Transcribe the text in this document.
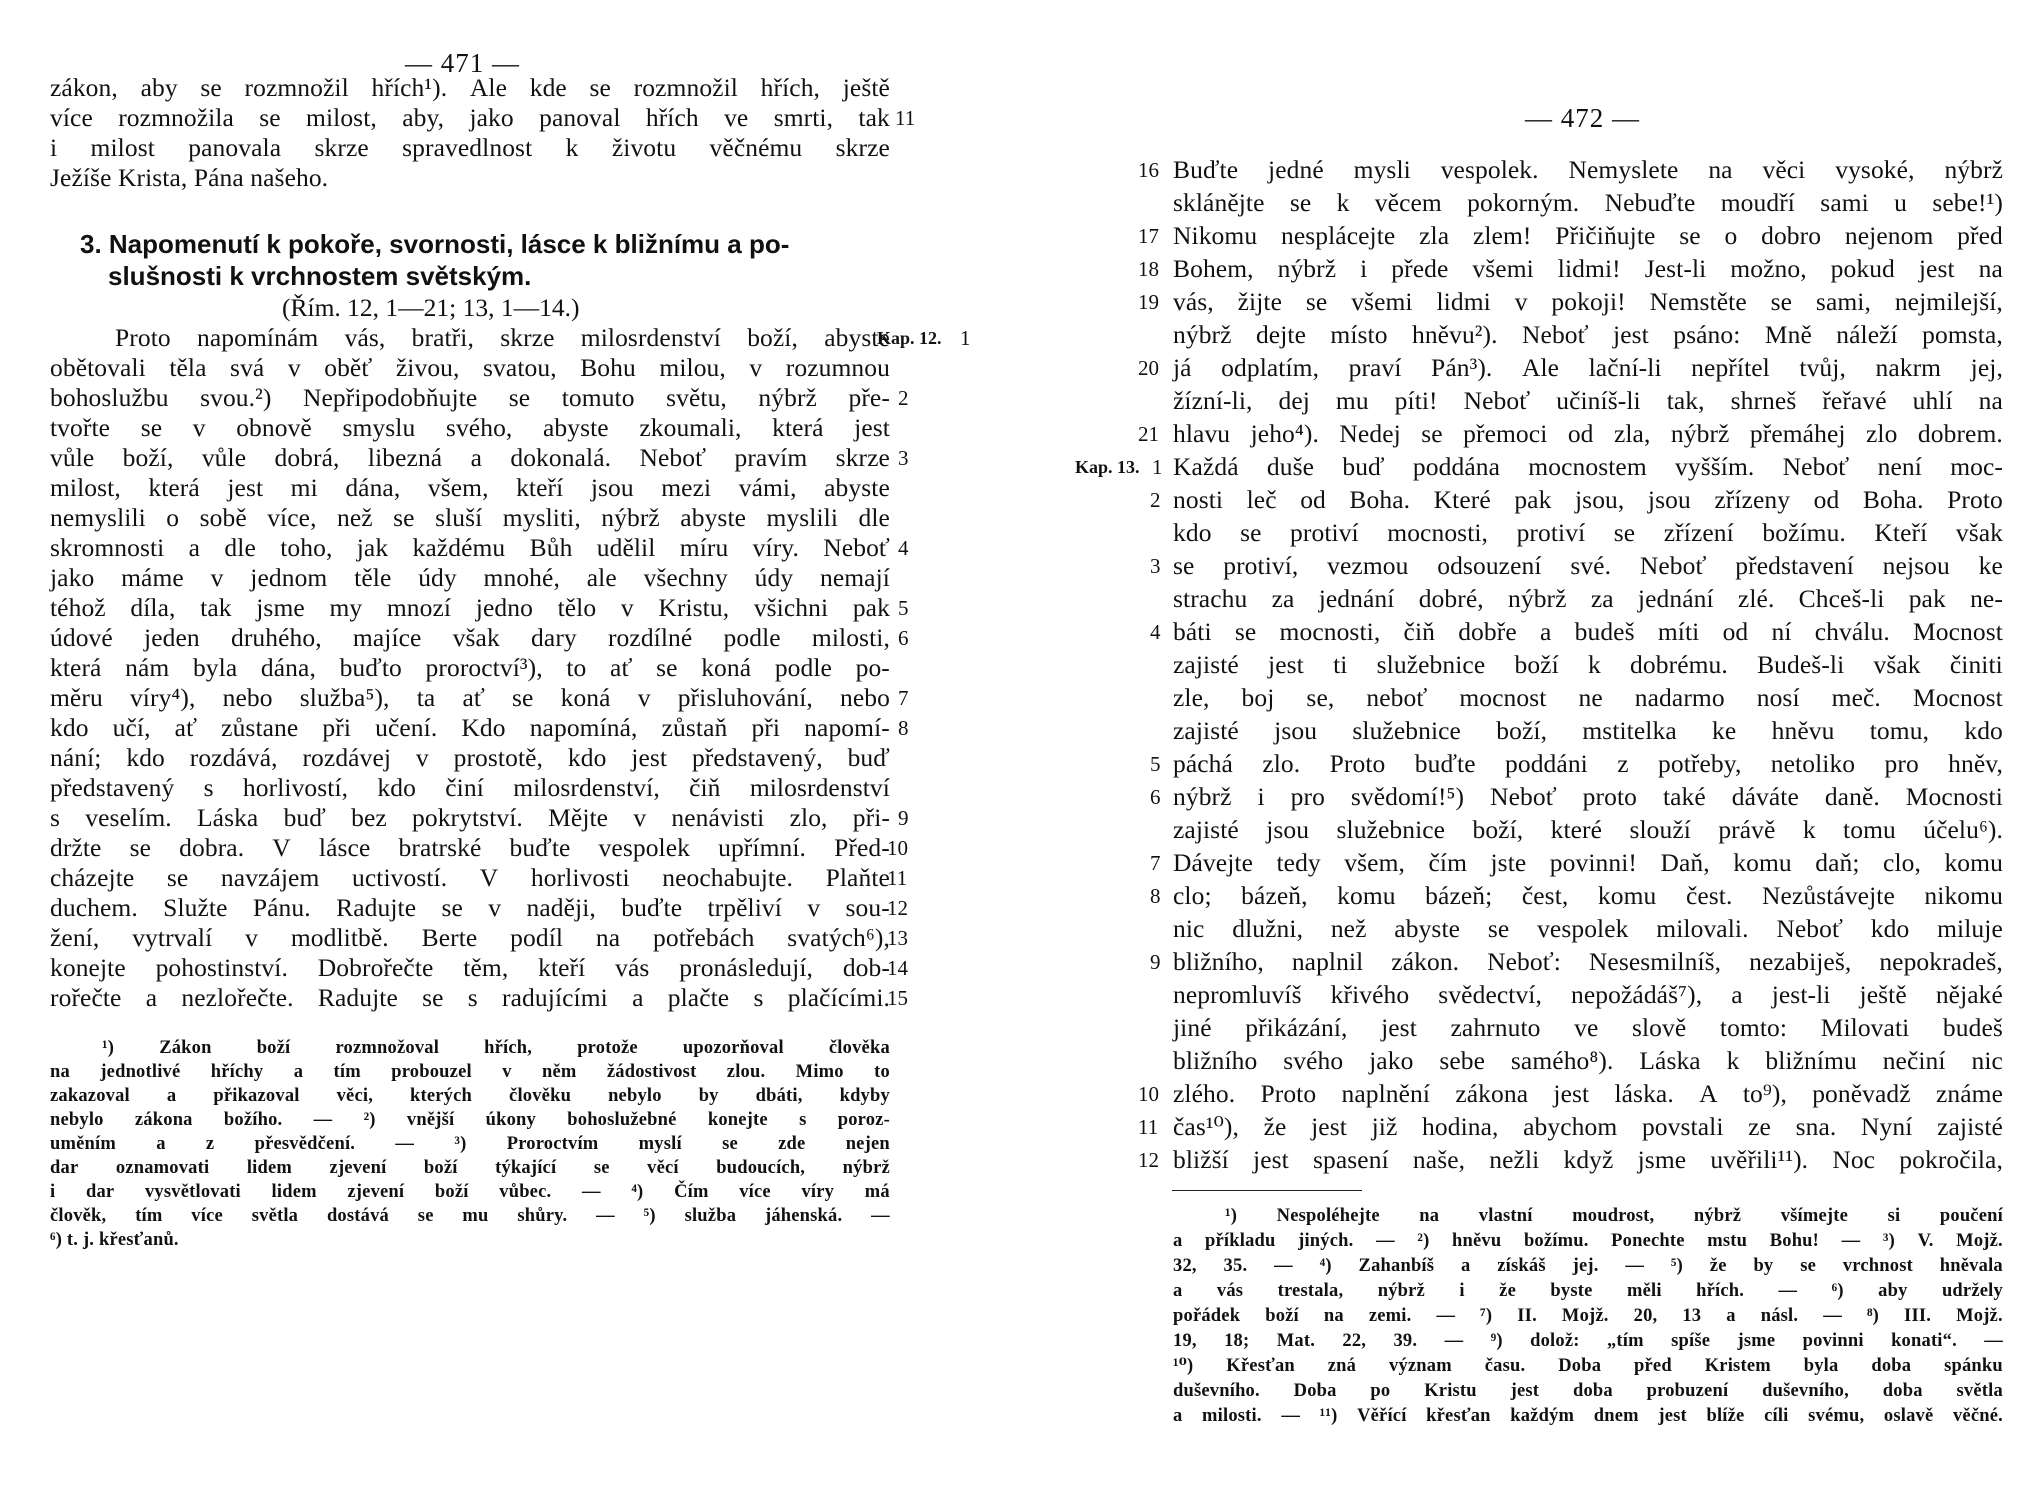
— 471 —
zákon, aby se rozmnožil hřích¹). Ale kde se rozmnožil hřích, ještě
více rozmnožila se milost, aby, jako panoval hřích ve smrti, tak
i milost panovala skrze spravedlnost k životu věčnému skrze
Ježíše Krista, Pána našeho.
11
3. Napomenutí k pokoře, svornosti, lásce k bližnímu a po-
slušnosti k vrchnostem světským.
(Řím. 12, 1—21; 13, 1—14.)
Proto napomínám vás, bratři, skrze milosrdenství boží, abyste
obětovali těla svá v oběť živou, svatou, Bohu milou, v rozumnou
bohoslužbu svou.²) Nepřipodobňujte se tomuto světu, nýbrž pře-
tvořte se v obnově smyslu svého, abyste zkoumali, která jest
vůle boží, vůle dobrá, libezná a dokonalá. Neboť pravím skrze
milost, která jest mi dána, všem, kteří jsou mezi vámi, abyste
nemyslili o sobě více, než se sluší mysliti, nýbrž abyste myslili dle
skromnosti a dle toho, jak každému Bůh udělil míru víry. Neboť
jako máme v jednom těle údy mnohé, ale všechny údy nemají
téhož díla, tak jsme my mnozí jedno tělo v Kristu, všichni pak
údové jeden druhého, majíce však dary rozdílné podle milosti,
která nám byla dána, buďto proroctví³), to ať se koná podle po-
měru víry⁴), nebo služba⁵), ta ať se koná v přisluhování, nebo
kdo učí, ať zůstane při učení. Kdo napomíná, zůstaň při napomí-
nání; kdo rozdává, rozdávej v prostotě, kdo jest představený, buď
představený s horlivostí, kdo činí milosrdenství, čiň milosrdenství
s veselím. Láska buď bez pokrytství. Mějte v nenávisti zlo, při-
držte se dobra. V lásce bratrské buďte vespolek upřímní. Před-
cházejte se navzájem uctivostí. V horlivosti neochabujte. Plaňte
duchem. Služte Pánu. Radujte se v naději, buďte trpěliví v sou-
žení, vytrvalí v modlitbě. Berte podíl na potřebách svatých⁶),
konejte pohostinství. Dobrořečte těm, kteří vás pronásledují, dob-
rořečte a nezlořečte. Radujte se s radujícími a plačte s plačícími.
Kap. 12. 1
2
3
4
5
6
7
8
9
10
11
12
13
14
15
¹) Zákon boží rozmnožoval hřích, protože upozorňoval člověka
na jednotlivé hříchy a tím probouzel v něm žádostivost zlou. Mimo to
zakazoval a přikazoval věci, kterých člověku nebylo by dbáti, kdyby
nebylo zákona božího. — ²) vnější úkony bohoslužebné konejte s poroz-
uměním a z přesvědčení. — ³) Proroctvím myslí se zde nejen
dar oznamovati lidem zjevení boží týkající se věcí budoucích, nýbrž
i dar vysvětlovati lidem zjevení boží vůbec. — ⁴) Čím více víry má
člověk, tím více světla dostává se mu shůry. — ⁵) služba jáhenská. —
⁶) t. j. křesťanů.
— 472 —
Buďte jedné mysli vespolek. Nemyslete na věci vysoké, nýbrž
sklánějte se k věcem pokorným. Nebuďte moudří sami u sebe!¹)
Nikomu nesplácejte zla zlem! Přičiňujte se o dobro nejenom před
Bohem, nýbrž i přede všemi lidmi! Jest-li možno, pokud jest na
vás, žijte se všemi lidmi v pokoji! Nemstěte se sami, nejmilejší,
nýbrž dejte místo hněvu²). Neboť jest psáno: Mně náleží pomsta,
já odplatím, praví Pán³). Ale lační-li nepřítel tvůj, nakrm jej,
žízní-li, dej mu píti! Neboť učiníš-li tak, shrneš řeřavé uhlí na
hlavu jeho⁴). Nedej se přemoci od zla, nýbrž přemáhej zlo dobrem.
Každá duše buď poddána mocnostem vyšším. Neboť není moc-
nosti leč od Boha. Které pak jsou, jsou zřízeny od Boha. Proto
kdo se protiví mocnosti, protiví se zřízení božímu. Kteří však
se protiví, vezmou odsouzení své. Neboť představení nejsou ke
strachu za jednání dobré, nýbrž za jednání zlé. Chceš-li pak ne-
báti se mocnosti, čiň dobře a budeš míti od ní chválu. Mocnost
zajisté jest ti služebnice boží k dobrému. Budeš-li však činiti
zle, boj se, neboť mocnost ne nadarmo nosí meč. Mocnost
zajisté jsou služebnice boží, mstitelka ke hněvu tomu, kdo
páchá zlo. Proto buďte poddáni z potřeby, netoliko pro hněv,
nýbrž i pro svědomí!⁵) Neboť proto také dáváte daně. Mocnosti
zajisté jsou služebnice boží, které slouží právě k tomu účelu⁶).
Dávejte tedy všem, čím jste povinni! Daň, komu daň; clo, komu
clo; bázeň, komu bázeň; čest, komu čest. Nezůstávejte nikomu
nic dlužni, než abyste se vespolek milovali. Neboť kdo miluje
bližního, naplnil zákon. Neboť: Nesesmilníš, nezabiješ, nepokradeš,
nepromluvíš křivého svědectví, nepožádáš⁷), a jest-li ještě nějaké
jiné přikázání, jest zahrnuto ve slově tomto: Milovati budeš
bližního svého jako sebe samého⁸). Láska k bližnímu nečiní nic
zlého. Proto naplnění zákona jest láska. A to⁹), poněvadž známe
čas¹⁰), že jest již hodina, abychom povstali ze sna. Nyní zajisté
bližší jest spasení naše, nežli když jsme uvěřili¹¹). Noc pokročila,
16
17
18
19
20
21
Kap. 13. 1
2
3
4
5
6
7
8
9
10
11
12
¹) Nespoléhejte na vlastní moudrost, nýbrž všímejte si poučení
a příkladu jiných. — ²) hněvu božímu. Ponechte mstu Bohu! — ³) V. Mojž.
32, 35. — ⁴) Zahanbíš a získáš jej. — ⁵) že by se vrchnost hněvala
a vás trestala, nýbrž i že byste měli hřích. — ⁶) aby udržely
pořádek boží na zemi. — ⁷) II. Mojž. 20, 13 a násl. — ⁸) III. Mojž.
19, 18; Mat. 22, 39. — ⁹) dolož: „tím spíše jsme povinni konati“. —
¹⁰) Křesťan zná význam času. Doba před Kristem byla doba spánku
duševního. Doba po Kristu jest doba probuzení duševního, doba světla
a milosti. — ¹¹) Věřící křesťan každým dnem jest blíže cíli svému, oslavě věčné.
